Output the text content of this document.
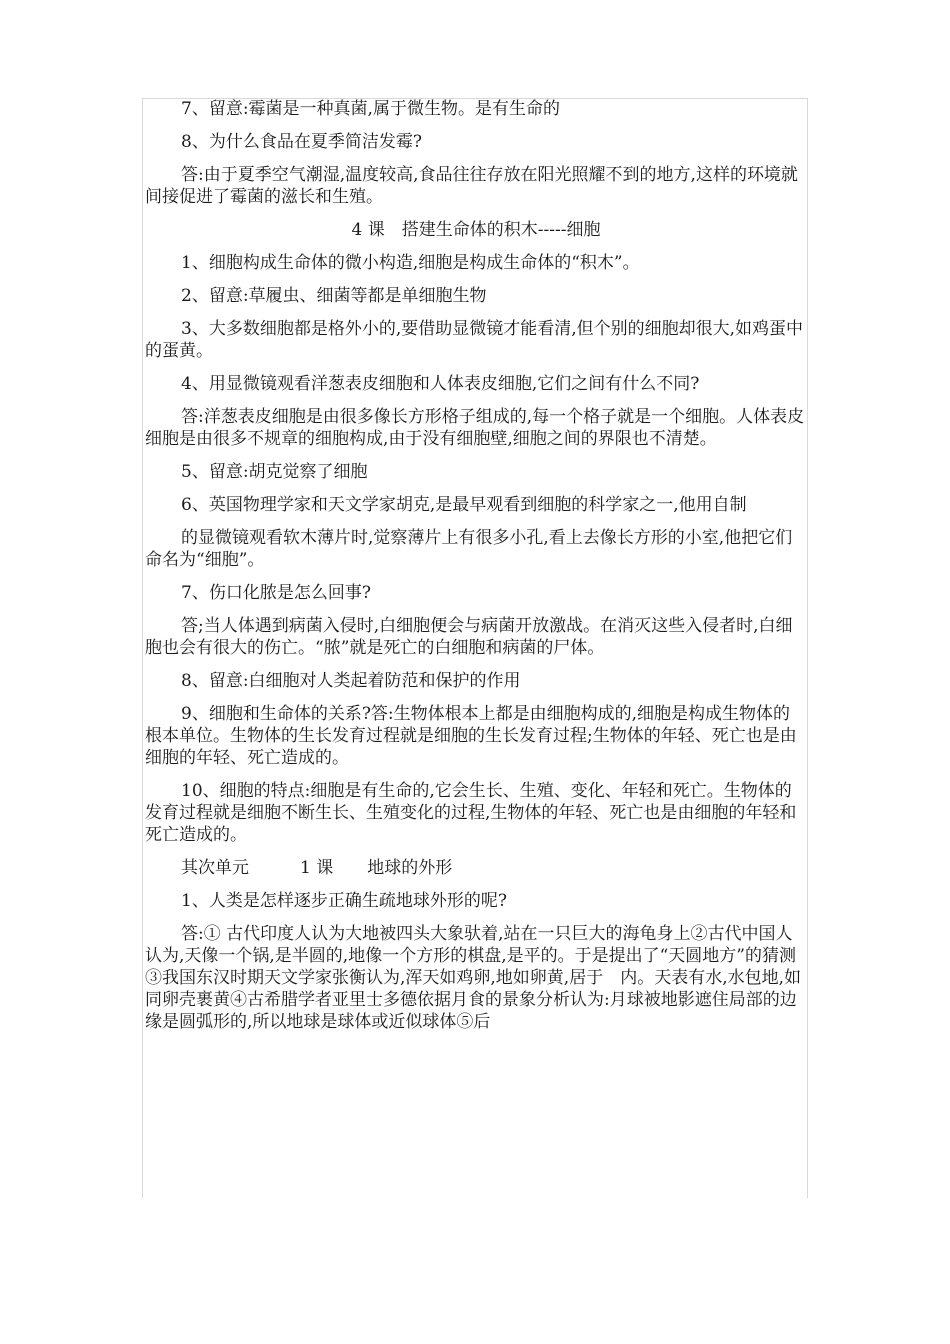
7、留意:霉菌是一种真菌,属于微生物。是有生命的

8、为什么食品在夏季简洁发霉?

答:由于夏季空气潮湿,温度较高,食品往往存放在阳光照耀不到的地方,这样的环境就间接促进了霉菌的滋长和生殖。

4 课　搭建生命体的积木-----细胞

1、细胞构成生命体的微小构造,细胞是构成生命体的“积木”。

2、留意:草履虫、细菌等都是单细胞生物

3、大多数细胞都是格外小的,要借助显微镜才能看清,但个别的细胞却很大,如鸡蛋中的蛋黄。

4、用显微镜观看洋葱表皮细胞和人体表皮细胞,它们之间有什么不同?

答:洋葱表皮细胞是由很多像长方形格子组成的,每一个格子就是一个细胞。人体表皮细胞是由很多不规章的细胞构成,由于没有细胞壁,细胞之间的界限也不清楚。

5、留意:胡克觉察了细胞

6、英国物理学家和天文学家胡克,是最早观看到细胞的科学家之一,他用自制

的显微镜观看软木薄片时,觉察薄片上有很多小孔,看上去像长方形的小室,他把它们命名为“细胞”。

7、伤口化脓是怎么回事?

答;当人体遇到病菌入侵时,白细胞便会与病菌开放激战。在消灭这些入侵者时,白细胞也会有很大的伤亡。“脓”就是死亡的白细胞和病菌的尸体。

8、留意:白细胞对人类起着防范和保护的作用

9、细胞和生命体的关系?答:生物体根本上都是由细胞构成的,细胞是构成生物体的根本单位。生物体的生长发育过程就是细胞的生长发育过程;生物体的年轻、死亡也是由细胞的年轻、死亡造成的。

10、细胞的特点:细胞是有生命的,它会生长、生殖、变化、年轻和死亡。生物体的发育过程就是细胞不断生长、生殖变化的过程,生物体的年轻、死亡也是由细胞的年轻和死亡造成的。

其次单元　　　1 课　　地球的外形

1、人类是怎样逐步正确生疏地球外形的呢?

答:① 古代印度人认为大地被四头大象驮着,站在一只巨大的海龟身上②古代中国人认为,天像一个锅,是半圆的,地像一个方形的棋盘,是平的。于是提出了“天圆地方”的猜测③我国东汉时期天文学家张衡认为,浑天如鸡卵,地如卵黄,居于　内。天表有水,水包地,如同卵壳裹黄④古希腊学者亚里士多德依据月食的景象分析认为:月球被地影遮住局部的边缘是圆弧形的,所以地球是球体或近似球体⑤后
